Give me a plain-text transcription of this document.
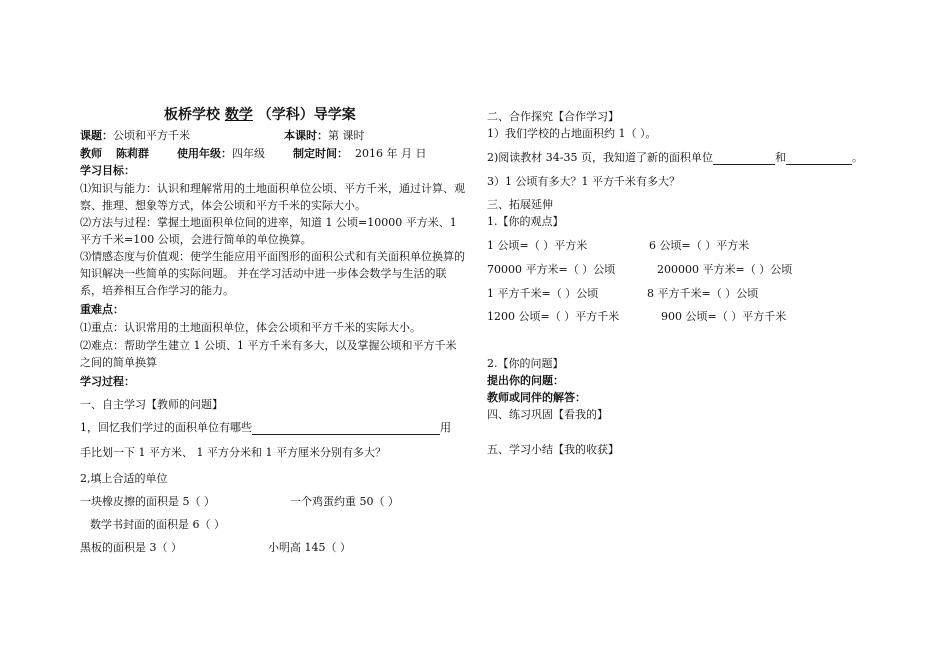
板桥学校 数学 （学科）导学案
课题：公顷和平方千米	本课时：第 课时
教师 陈莉群	使用年级：四年级	制定时间： 2016 年 月 日
学习目标：
⑴知识与能力：认识和理解常用的土地面积单位公顷、平方千米，通过计算、观察、推理、想象等方式，体会公顷和平方千米的实际大小。
⑵方法与过程：掌握土地面积单位间的进率，知道 1 公顷=10000 平方米、1 平方千米=100 公顷，会进行简单的单位换算。
⑶情感态度与价值观：使学生能应用平面图形的面积公式和有关面积单位换算的知识解决一些简单的实际问题。 并在学习活动中进一步体会数学与生活的联系，培养相互合作学习的能力。
重难点：
⑴重点：认识常用的土地面积单位，体会公顷和平方千米的实际大小。
⑵难点：帮助学生建立 1 公顷、1 平方千米有多大，以及掌握公顷和平方千米之间的简单换算
学习过程：
一、自主学习【教师的问题】
1，回忆我们学过的面积单位有哪些	用
手比划一下 1 平方米、 1 平方分米和 1 平方厘米分别有多大？
2,填上合适的单位
一块橡皮擦的面积是 5（ ）	一个鸡蛋约重 50（ ）
数学书封面的面积是 6（ ）
黑板的面积是 3（ ）	小明高 145（ ）
二、合作探究【合作学习】
1）我们学校的占地面积约 1（ ）。
2)阅读教材 34-35 页，我知道了新的面积单位	和	。
3）1 公顷有多大？1 平方千米有多大？
三、拓展延伸
1.【你的观点】
1 公顷=（ ）平方米	6 公顷=（ ）平方米
70000 平方米=（ ）公顷	200000 平方米=（ ）公顷
1 平方千米=（ ）公顷	8 平方千米=（ ）公顷
1200 公顷=（ ）平方千米	900 公顷=（ ）平方千米
2.【你的问题】
提出你的问题：
教师或同伴的解答：
四、练习巩固【看我的】
五、学习小结【我的收获】
